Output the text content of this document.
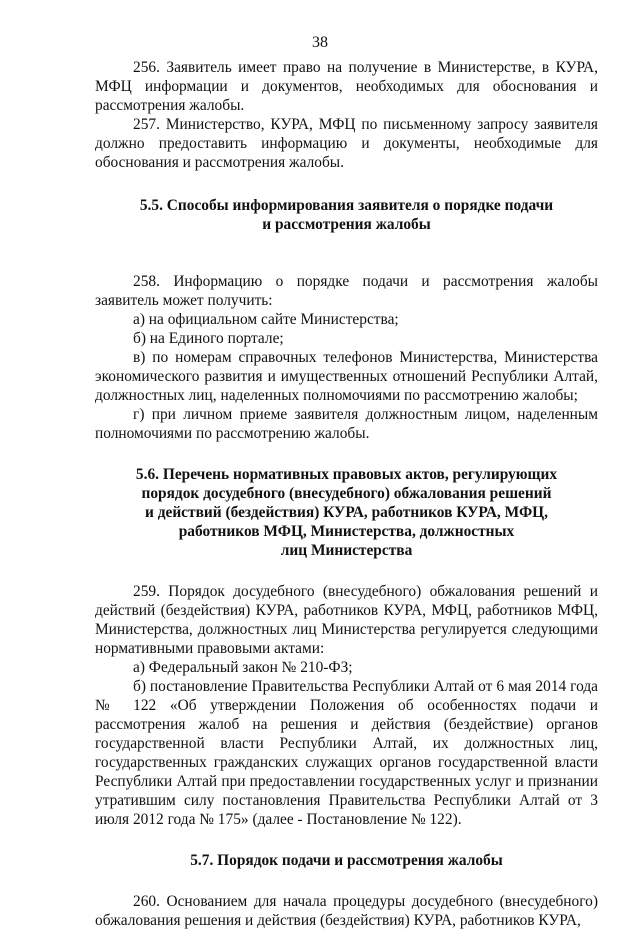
38

256. Заявитель имеет право на получение в Министерстве, в КУРА, МФЦ информации и документов, необходимых для обоснования и рассмотрения жалобы.

257. Министерство, КУРА, МФЦ по письменному запросу заявителя должно предоставить информацию и документы, необходимые для обоснования и рассмотрения жалобы.

5.5. Способы информирования заявителя о порядке подачи
и рассмотрения жалобы

258. Информацию о порядке подачи и рассмотрения жалобы заявитель может получить:

а) на официальном сайте Министерства;

б) на Единого портале;

в) по номерам справочных телефонов Министерства, Министерства экономического развития и имущественных отношений Республики Алтай, должностных лиц, наделенных полномочиями по рассмотрению жалобы;

г) при личном приеме заявителя должностным лицом, наделенным полномочиями по рассмотрению жалобы.

5.6. Перечень нормативных правовых актов, регулирующих
порядок досудебного (внесудебного) обжалования решений
и действий (бездействия) КУРА, работников КУРА, МФЦ,
работников МФЦ, Министерства, должностных
лиц Министерства

259. Порядок досудебного (внесудебного) обжалования решений и действий (бездействия) КУРА, работников КУРА, МФЦ, работников МФЦ, Министерства, должностных лиц Министерства регулируется следующими нормативными правовыми актами:

а) Федеральный закон № 210-ФЗ;

б) постановление Правительства Республики Алтай от 6 мая 2014 года № 122 «Об утверждении Положения об особенностях подачи и рассмотрения жалоб на решения и действия (бездействие) органов государственной власти Республики Алтай, их должностных лиц, государственных гражданских служащих органов государственной власти Республики Алтай при предоставлении государственных услуг и признании утратившим силу постановления Правительства Республики Алтай от 3 июля 2012 года № 175» (далее - Постановление № 122).

5.7. Порядок подачи и рассмотрения жалобы

260. Основанием для начала процедуры досудебного (внесудебного) обжалования решения и действия (бездействия) КУРА, работников КУРА,
